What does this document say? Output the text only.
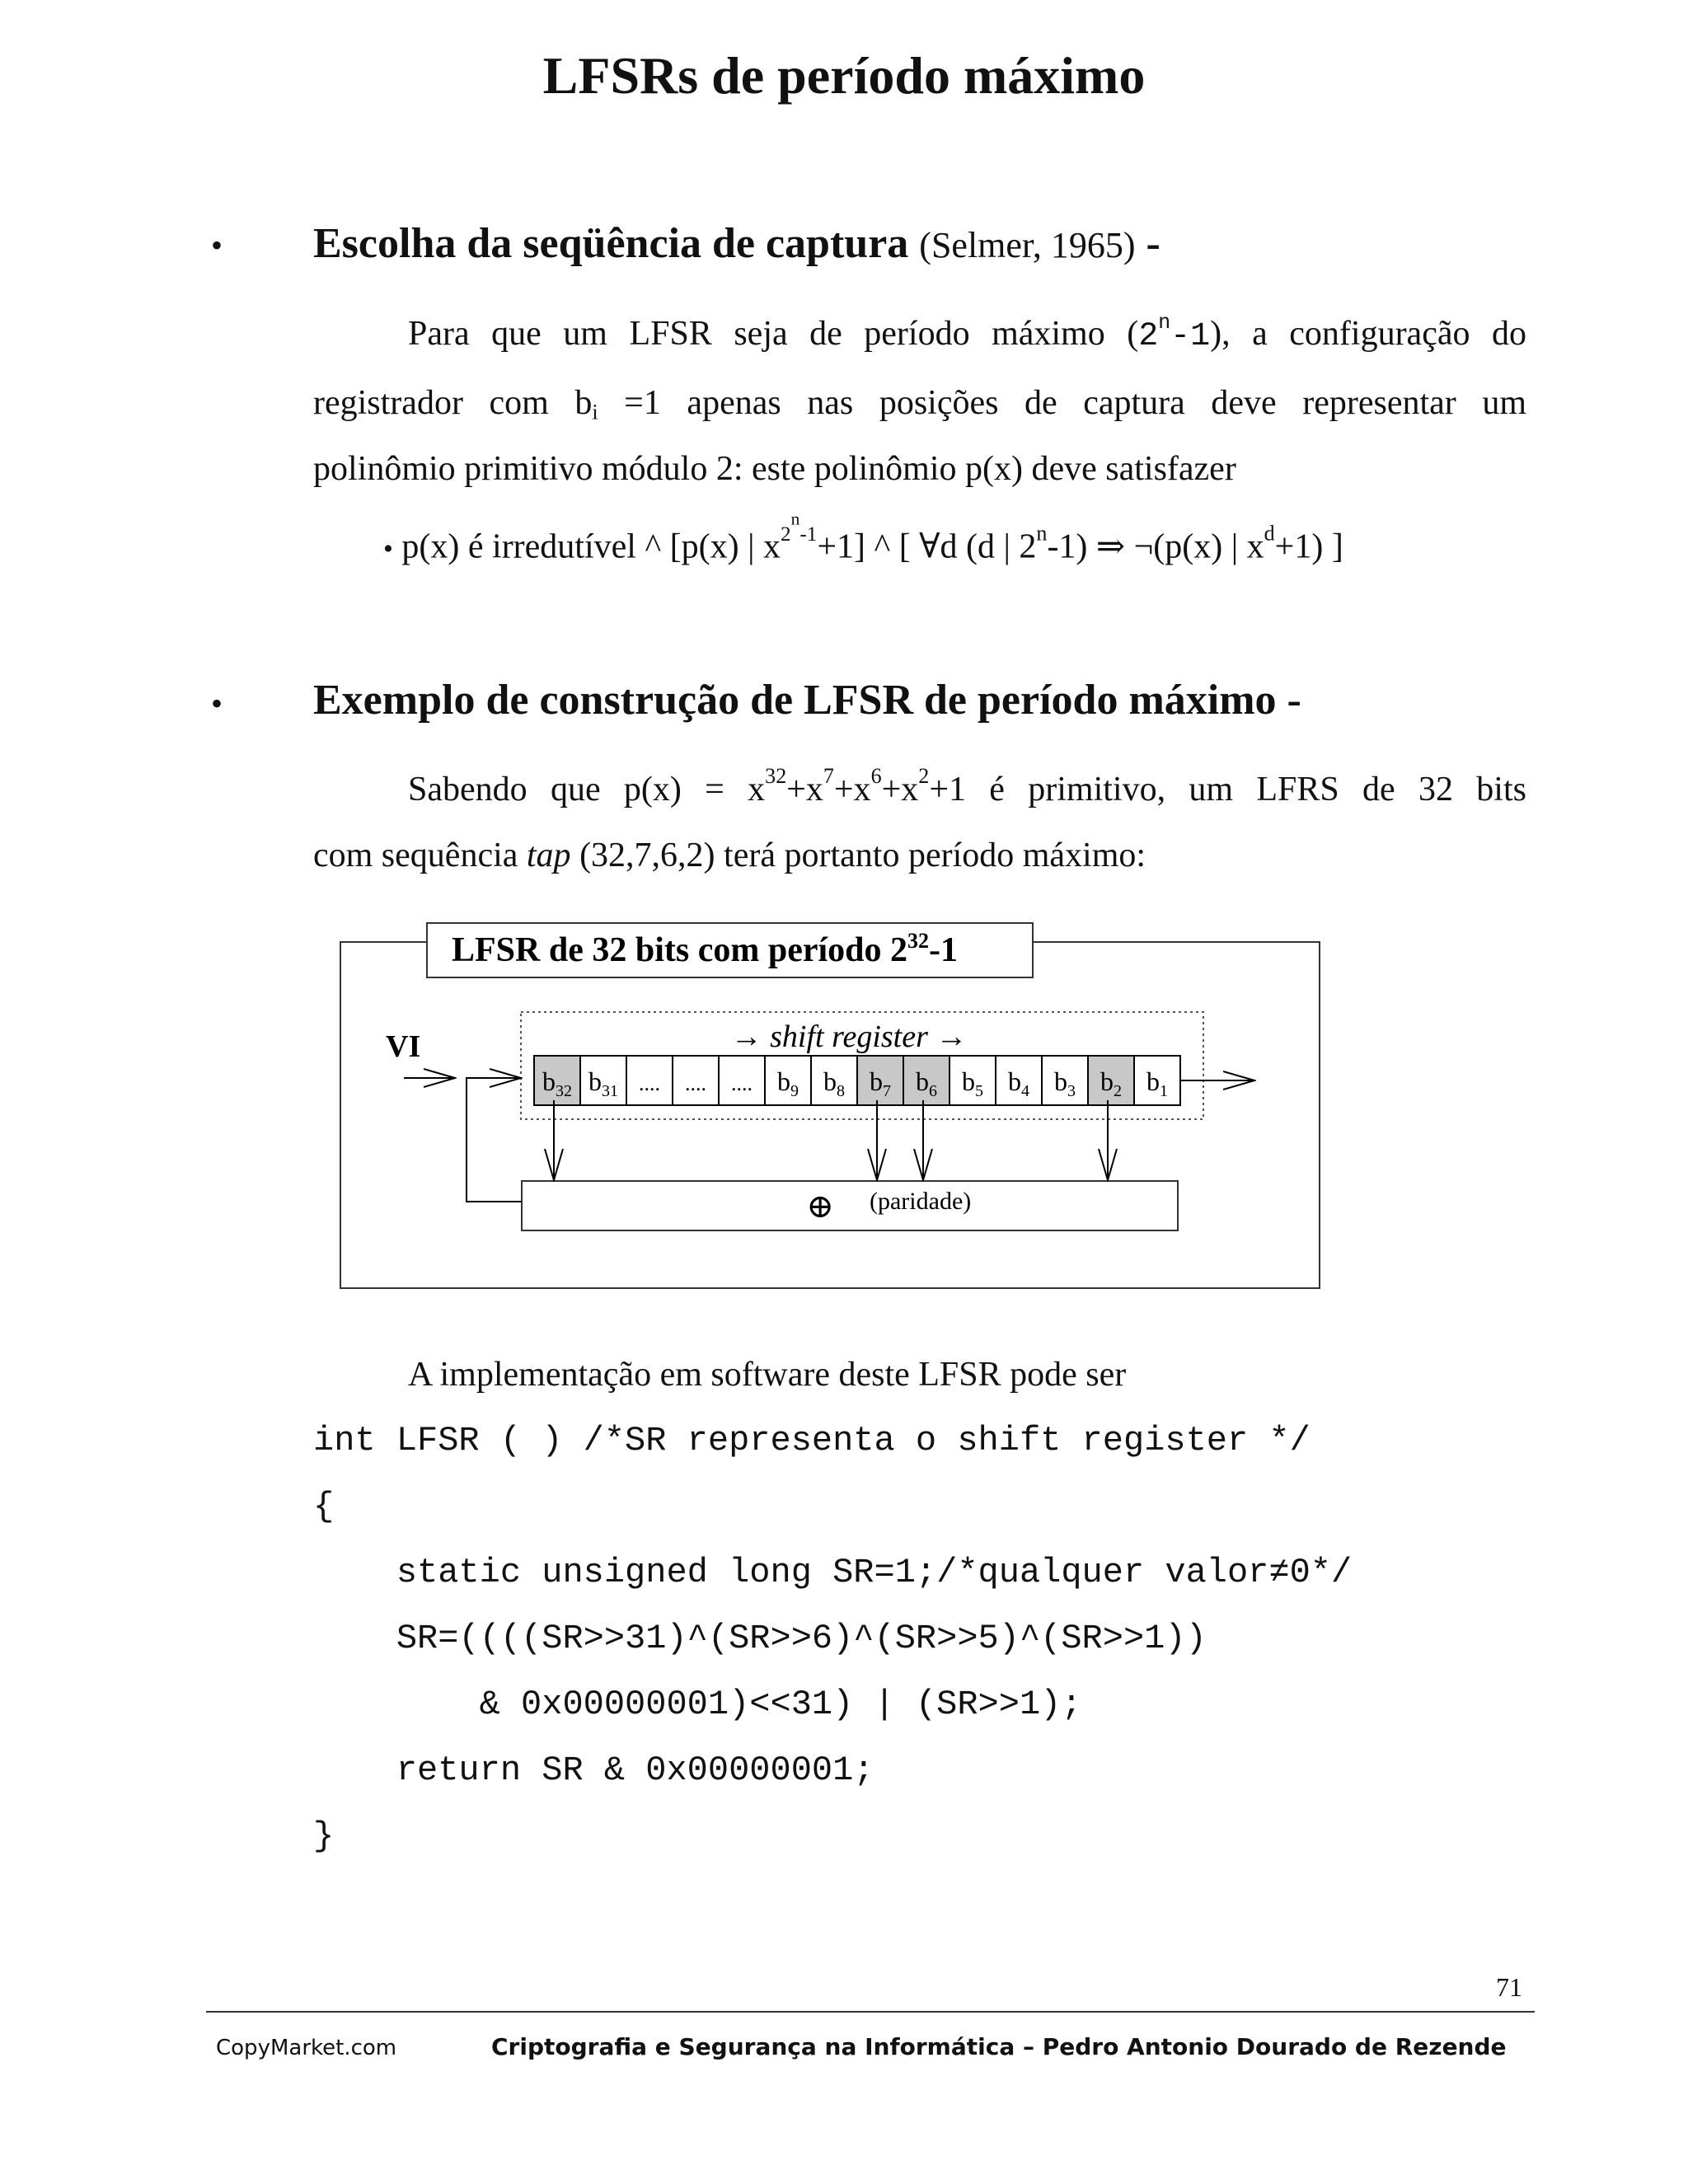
LFSRs de período máximo
• Escolha da seqüência de captura (Selmer, 1965) -
Para que um LFSR seja de período máximo (2$^n$-1), a configuração do
registrador com $b_i =1$ apenas nas posições de captura deve representar um
polinômio primitivo módulo 2: este polinômio p(x) deve satisfazer
• p(x) é irredutível ^ [p(x) | $x^{2^n-1}+1$] ^ [ ∀d (d | 2$^n$-1) ⇒ ¬(p(x) | $x^d+1$) ]
• Exemplo de construção de LFSR de período máximo -
Sabendo que $p(x) = x^{32}+x^7+x^6+x^2+1$ é primitivo, um LFRS de 32 bits
com sequência tap (32,7,6,2) terá portanto período máximo:
LFSR de 32 bits com período $2^{32}-1$
→ shift register →
VI
$b_{32}$ $b_{31}$ .... .... .... $b_9$ $b_8$ $b_7$ $b_6$ $b_5$ $b_4$ $b_3$ $b_2$ $b_1$
⊕ (paridade)
A implementação em software deste LFSR pode ser
int LFSR ( ) /*SR representa o shift register */
{
static unsigned long SR=1;/*qualquer valor≠0*/
SR=((((SR>>31)^(SR>>6)^(SR>>5)^(SR>>1))
& 0x00000001)<<31) | (SR>>1);
return SR & 0x00000001;
}
71
CopyMarket.com	Criptografia e Segurança na Informática – Pedro Antonio Dourado de Rezende
